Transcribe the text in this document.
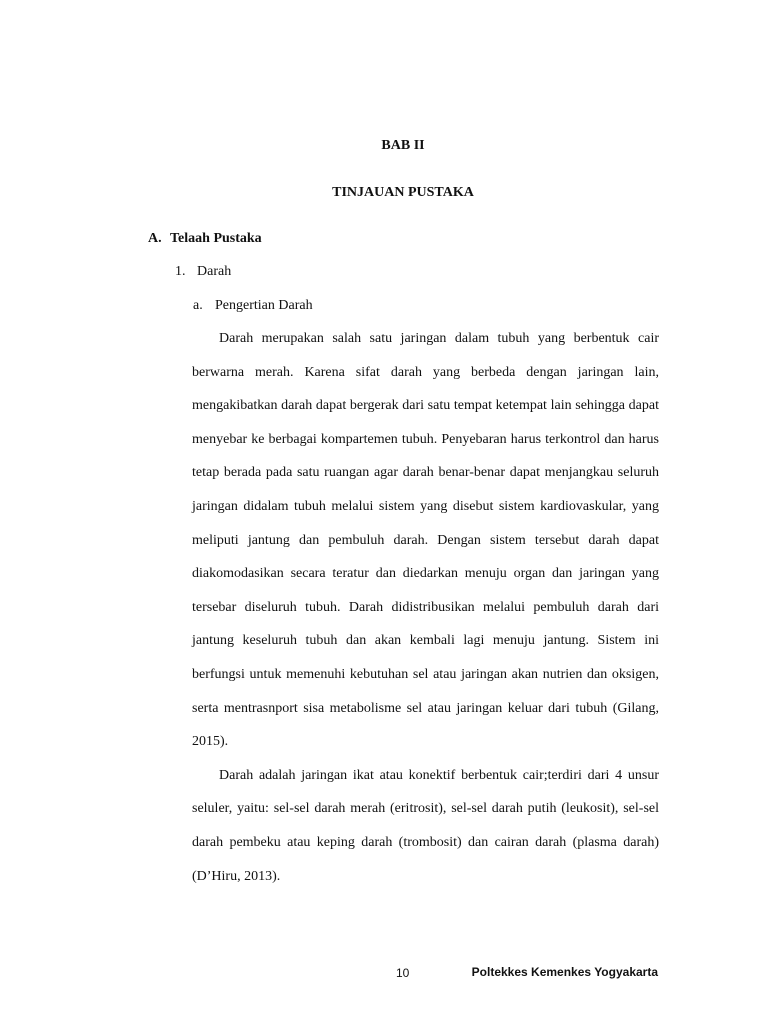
BAB II
TINJAUAN PUSTAKA
A. Telaah Pustaka
1. Darah
a. Pengertian Darah

Darah merupakan salah satu jaringan dalam tubuh yang berbentuk cair berwarna merah. Karena sifat darah yang berbeda dengan jaringan lain, mengakibatkan darah dapat bergerak dari satu tempat ketempat lain sehingga dapat menyebar ke berbagai kompartemen tubuh. Penyebaran harus terkontrol dan harus tetap berada pada satu ruangan agar darah benar-benar dapat menjangkau seluruh jaringan didalam tubuh melalui sistem yang disebut sistem kardiovaskular, yang meliputi jantung dan pembuluh darah. Dengan sistem tersebut darah dapat diakomodasikan secara teratur dan diedarkan menuju organ dan jaringan yang tersebar diseluruh tubuh. Darah didistribusikan melalui pembuluh darah dari jantung keseluruh tubuh dan akan kembali lagi menuju jantung. Sistem ini berfungsi untuk memenuhi kebutuhan sel atau jaringan akan nutrien dan oksigen, serta mentrasnport sisa metabolisme sel atau jaringan keluar dari tubuh (Gilang, 2015).

Darah adalah jaringan ikat atau konektif berbentuk cair;terdiri dari 4 unsur seluler, yaitu: sel-sel darah merah (eritrosit), sel-sel darah putih (leukosit), sel-sel darah pembeku atau keping darah (trombosit) dan cairan darah (plasma darah) (D’Hiru, 2013).

10	Poltekkes Kemenkes Yogyakarta
